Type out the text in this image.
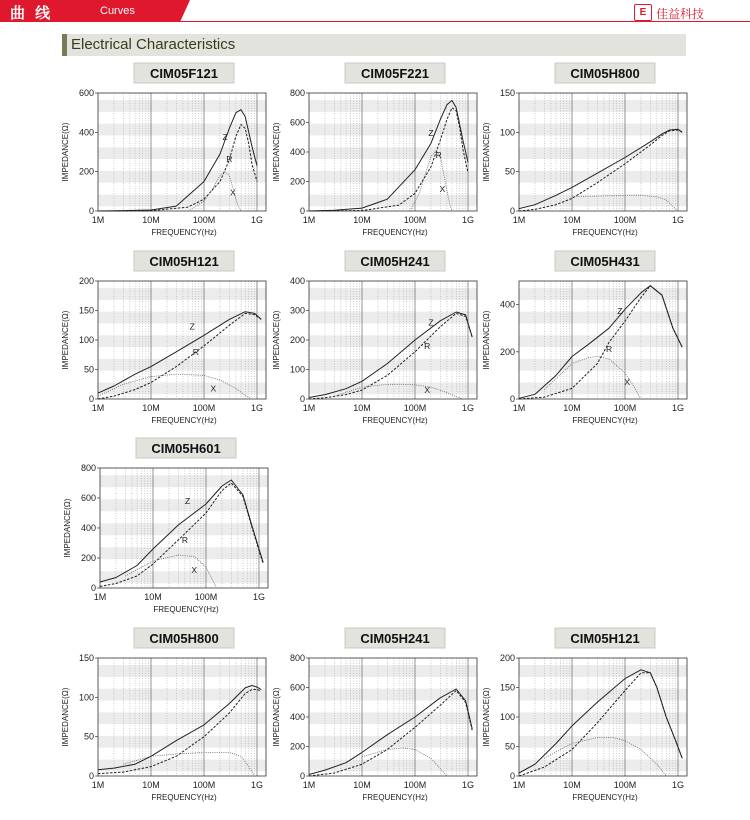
曲 线	Curves	E 佳益科技
Electrical Characteristics
CIM05F121
0
200
400
600
1M	10M	100M	1G
FREQUENCY(Hz)
IMPEDANCE(Ω)	Z
R
X
CIM05F221
0
200
400
600
800
1M	10M	100M	1G
FREQUENCY(Hz)
IMPEDANCE(Ω)	Z
R
X
CIM05H800
0
50
100
150
1M	10M	100M	1G
FREQUENCY(Hz)
IMPEDANCE(Ω)
CIM05H121
0
50
100
150
200
1M	10M	100M	1G
FREQUENCY(Hz)
IMPEDANCE(Ω)	Z
R
X
CIM05H241
0
100
200
300
400
1M	10M	100M	1G
FREQUENCY(Hz)
IMPEDANCE(Ω)	Z
R
X
CIM05H431
0
200
400
1M	10M	100M	1G
FREQUENCY(Hz)
IMPEDANCE(Ω)	Z
R
X
CIM05H601
0
200
400
600
800
1M	10M	100M	1G
FREQUENCY(Hz)
IMPEDANCE(Ω)	Z
R
X
CIM05H800
0
50
100
150
1M	10M	100M	1G
FREQUENCY(Hz)
IMPEDANCE(Ω)
CIM05H241
0
200
400
600
800
1M	10M	100M	1G
FREQUENCY(Hz)
IMPEDANCE(Ω)
CIM05H121
0
50
100
150
200
1M	10M	100M	1G
FREQUENCY(Hz)
IMPEDANCE(Ω)
